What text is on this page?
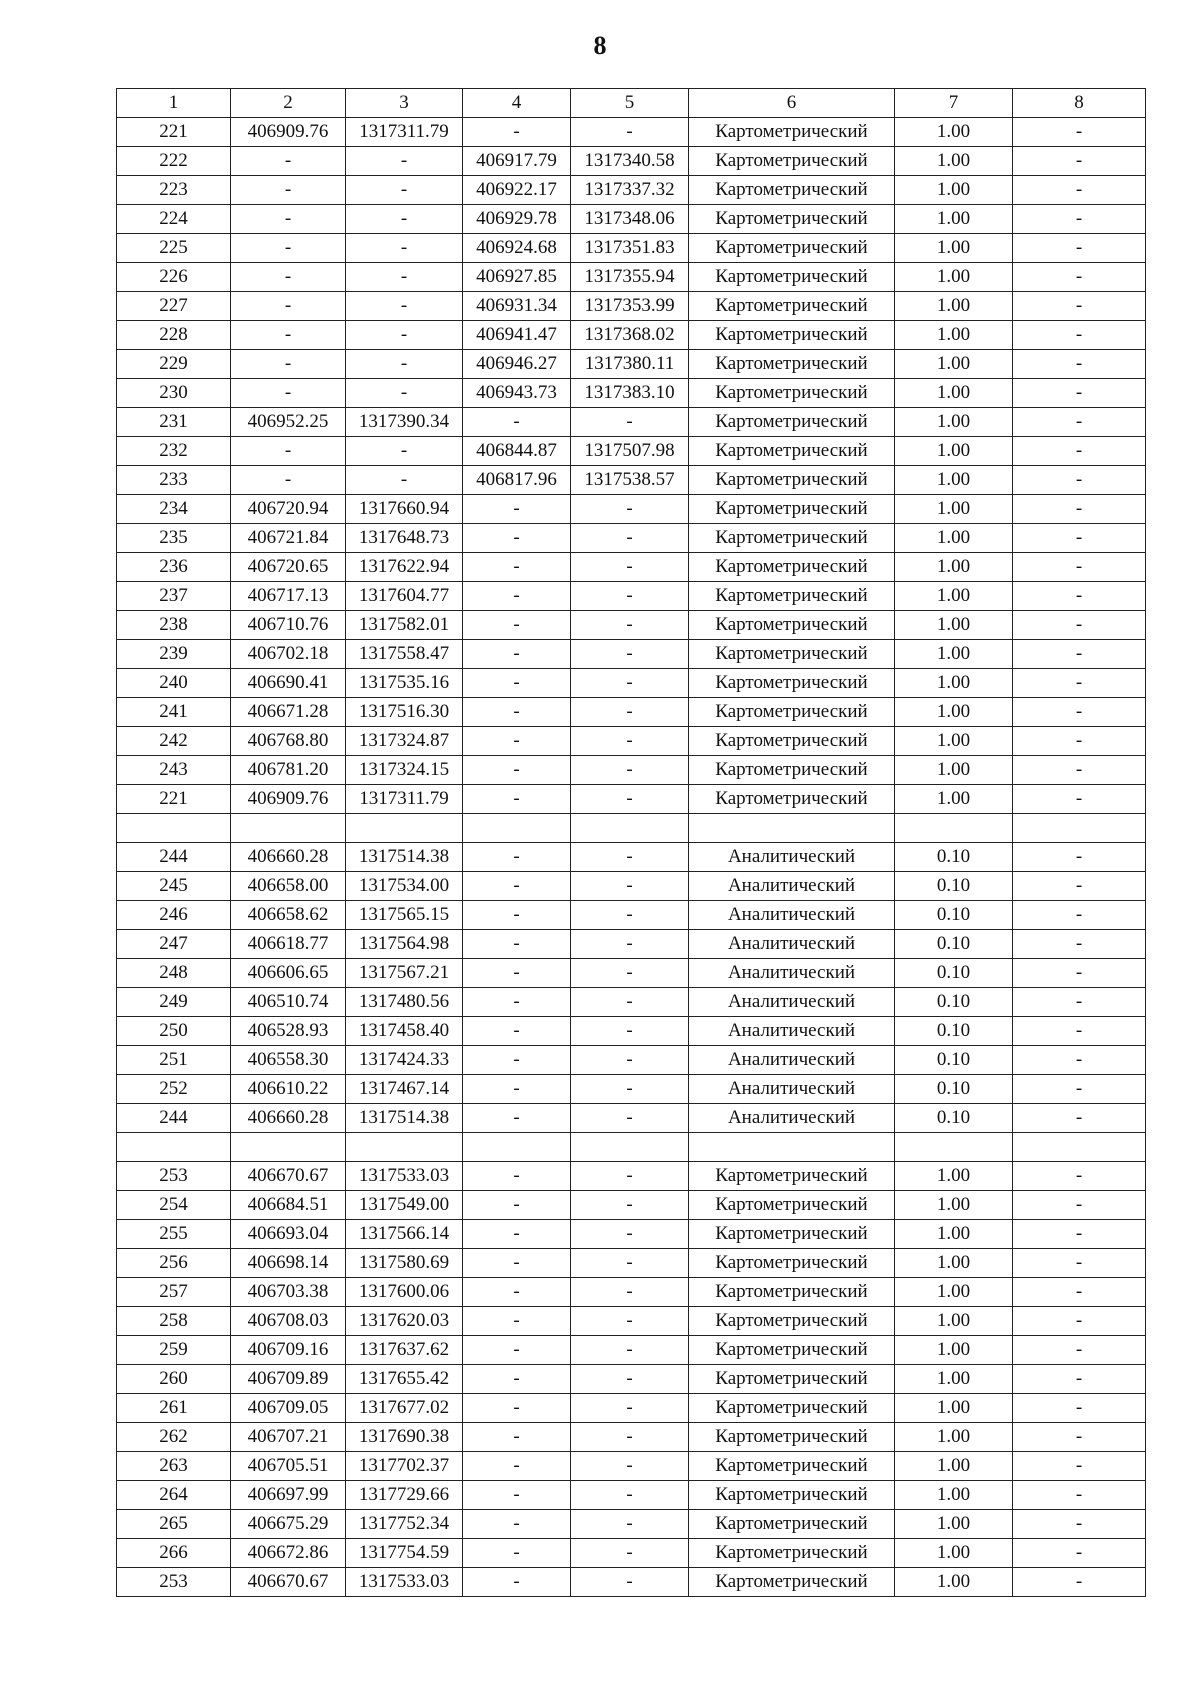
8
1	2	3	4	5	6	7	8
221	406909.76	1317311.79	-	-	Картометрический	1.00	-
222	-	-	406917.79	1317340.58	Картометрический	1.00	-
223	-	-	406922.17	1317337.32	Картометрический	1.00	-
224	-	-	406929.78	1317348.06	Картометрический	1.00	-
225	-	-	406924.68	1317351.83	Картометрический	1.00	-
226	-	-	406927.85	1317355.94	Картометрический	1.00	-
227	-	-	406931.34	1317353.99	Картометрический	1.00	-
228	-	-	406941.47	1317368.02	Картометрический	1.00	-
229	-	-	406946.27	1317380.11	Картометрический	1.00	-
230	-	-	406943.73	1317383.10	Картометрический	1.00	-
231	406952.25	1317390.34	-	-	Картометрический	1.00	-
232	-	-	406844.87	1317507.98	Картометрический	1.00	-
233	-	-	406817.96	1317538.57	Картометрический	1.00	-
234	406720.94	1317660.94	-	-	Картометрический	1.00	-
235	406721.84	1317648.73	-	-	Картометрический	1.00	-
236	406720.65	1317622.94	-	-	Картометрический	1.00	-
237	406717.13	1317604.77	-	-	Картометрический	1.00	-
238	406710.76	1317582.01	-	-	Картометрический	1.00	-
239	406702.18	1317558.47	-	-	Картометрический	1.00	-
240	406690.41	1317535.16	-	-	Картометрический	1.00	-
241	406671.28	1317516.30	-	-	Картометрический	1.00	-
242	406768.80	1317324.87	-	-	Картометрический	1.00	-
243	406781.20	1317324.15	-	-	Картометрический	1.00	-
221	406909.76	1317311.79	-	-	Картометрический	1.00	-

244	406660.28	1317514.38	-	-	Аналитический	0.10	-
245	406658.00	1317534.00	-	-	Аналитический	0.10	-
246	406658.62	1317565.15	-	-	Аналитический	0.10	-
247	406618.77	1317564.98	-	-	Аналитический	0.10	-
248	406606.65	1317567.21	-	-	Аналитический	0.10	-
249	406510.74	1317480.56	-	-	Аналитический	0.10	-
250	406528.93	1317458.40	-	-	Аналитический	0.10	-
251	406558.30	1317424.33	-	-	Аналитический	0.10	-
252	406610.22	1317467.14	-	-	Аналитический	0.10	-
244	406660.28	1317514.38	-	-	Аналитический	0.10	-

253	406670.67	1317533.03	-	-	Картометрический	1.00	-
254	406684.51	1317549.00	-	-	Картометрический	1.00	-
255	406693.04	1317566.14	-	-	Картометрический	1.00	-
256	406698.14	1317580.69	-	-	Картометрический	1.00	-
257	406703.38	1317600.06	-	-	Картометрический	1.00	-
258	406708.03	1317620.03	-	-	Картометрический	1.00	-
259	406709.16	1317637.62	-	-	Картометрический	1.00	-
260	406709.89	1317655.42	-	-	Картометрический	1.00	-
261	406709.05	1317677.02	-	-	Картометрический	1.00	-
262	406707.21	1317690.38	-	-	Картометрический	1.00	-
263	406705.51	1317702.37	-	-	Картометрический	1.00	-
264	406697.99	1317729.66	-	-	Картометрический	1.00	-
265	406675.29	1317752.34	-	-	Картометрический	1.00	-
266	406672.86	1317754.59	-	-	Картометрический	1.00	-
253	406670.67	1317533.03	-	-	Картометрический	1.00	-
